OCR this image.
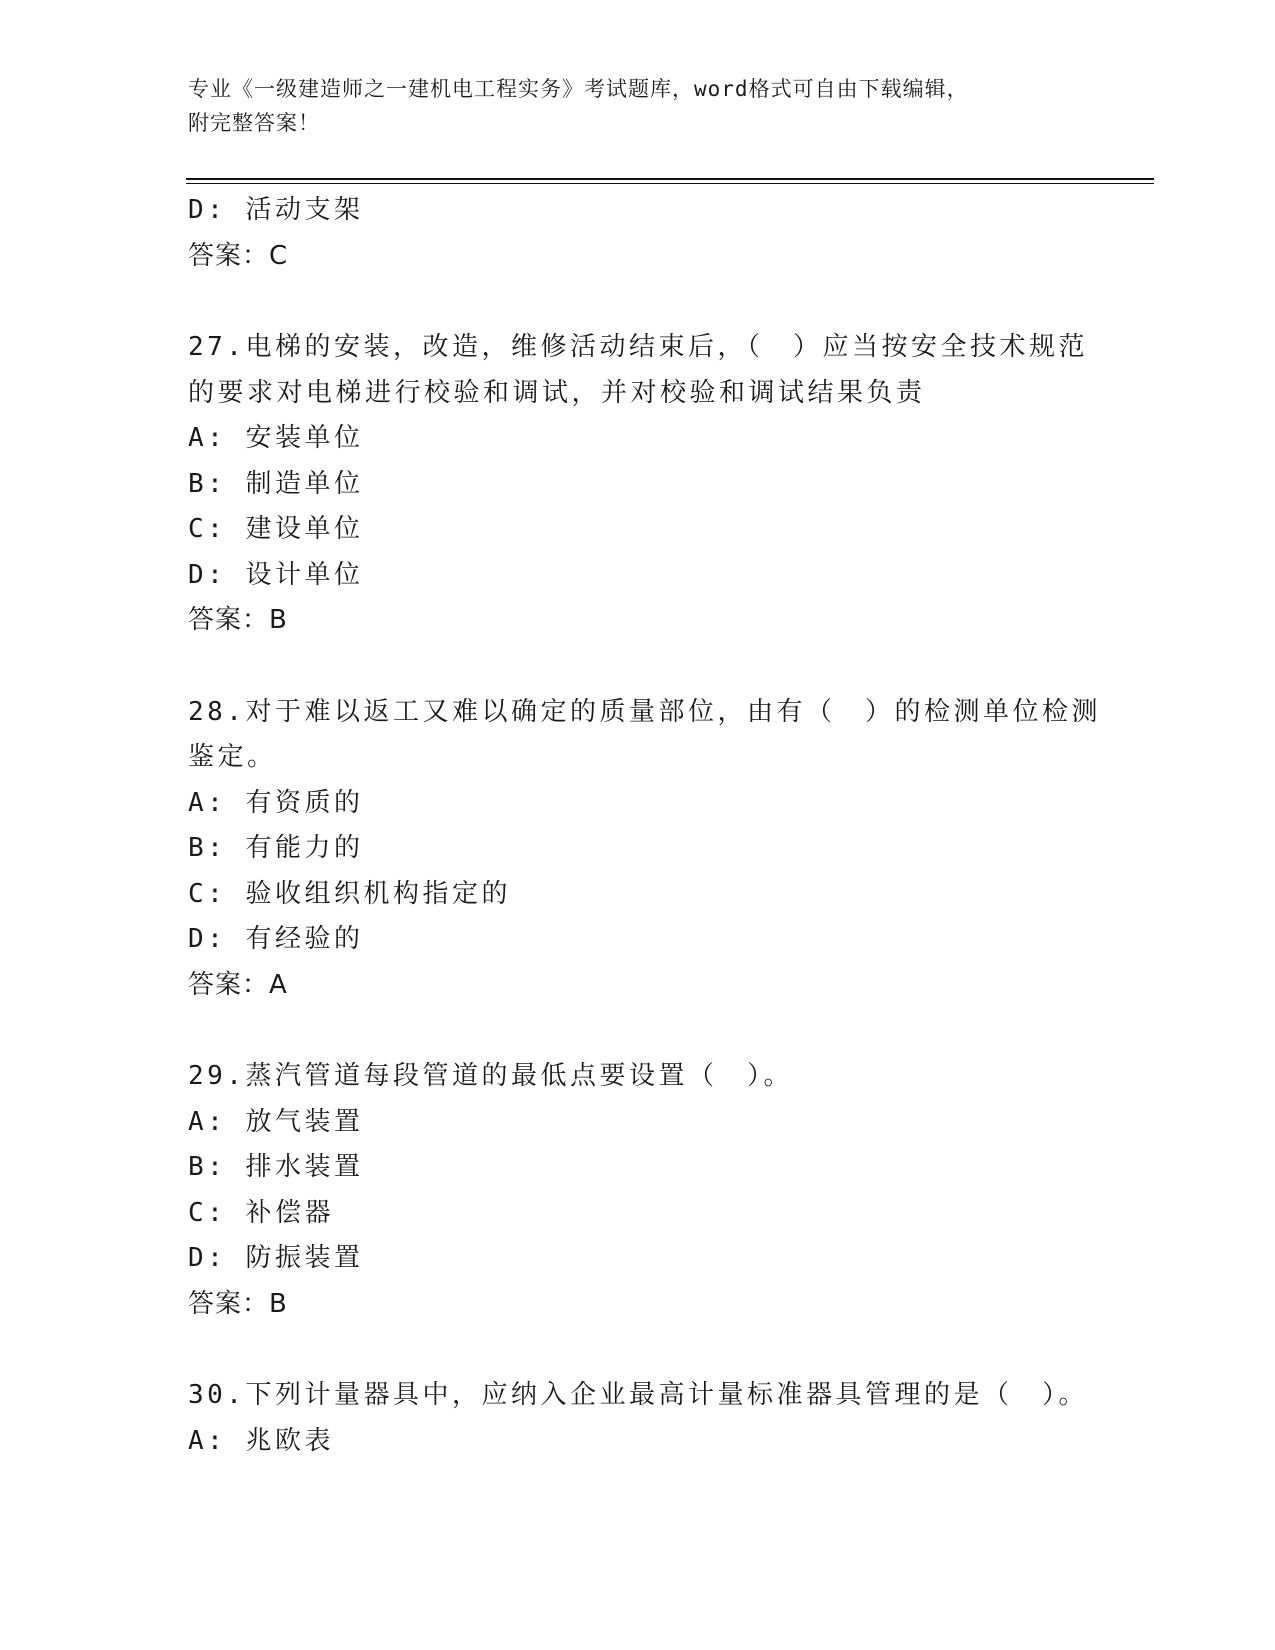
专业《一级建造师之一建机电工程实务》考试题库，word格式可自由下载编辑，
附完整答案！
D: 活动支架
答案：C
27.电梯的安装，改造，维修活动结束后，（　）应当按安全技术规范
的要求对电梯进行校验和调试，并对校验和调试结果负责
A: 安装单位
B: 制造单位
C: 建设单位
D: 设计单位
答案：B
28.对于难以返工又难以确定的质量部位，由有（　）的检测单位检测
鉴定。
A: 有资质的
B: 有能力的
C: 验收组织机构指定的
D: 有经验的
答案：A
29.蒸汽管道每段管道的最低点要设置（　）。
A: 放气装置
B: 排水装置
C: 补偿器
D: 防振装置
答案：B
30.下列计量器具中，应纳入企业最高计量标准器具管理的是（　）。
A: 兆欧表
